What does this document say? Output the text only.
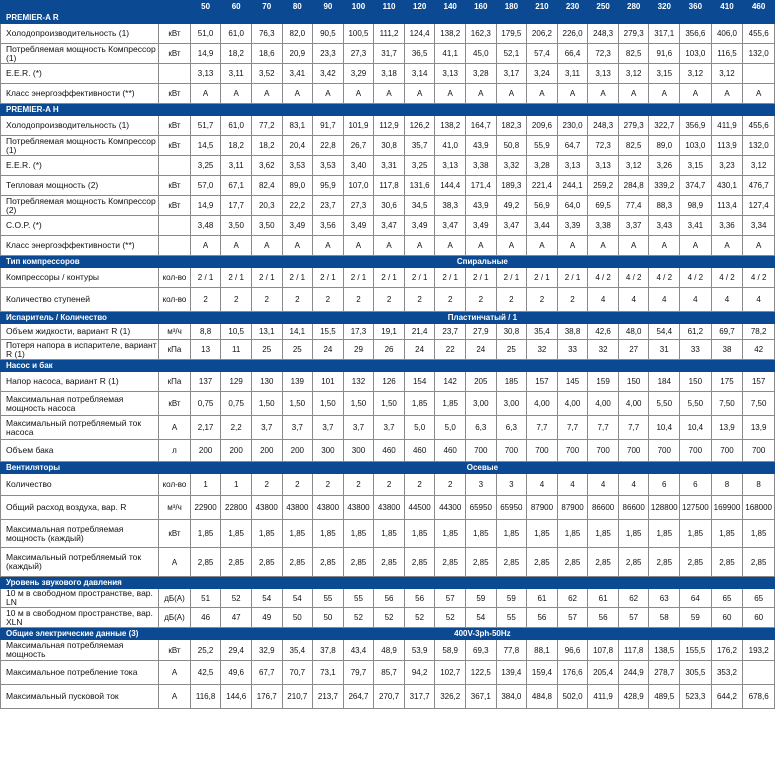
		50	60	70	80	90	100	110	120	140	160	180	210	230	250	280	320	360	410	460
PREMIER-A R																				
Холодопроизводительность (1)	кВт	51,0	61,0	76,3	82,0	90,5	100,5	111,2	124,4	138,2	162,3	179,5	206,2	226,0	248,3	279,3	317,1	356,6	406,0	455,6
Потребляемая мощность Компрессор (1)	кВт	14,9	18,2	18,6	20,9	23,3	27,3	31,7	36,5	41,1	45,0	52,1	57,4	66,4	72,3	82,5	91,6	103,0	116,5	132,0
E.E.R. (*)		3,13	3,11	3,52	3,41	3,42	3,29	3,18	3,14	3,13	3,28	3,17	3,24	3,11	3,13	3,12	3,15	3,12	3,12	
Класс энергоэффективности (**)	кВт	A	A	A	A	A	A	A	A	A	A	A	A	A	A	A	A	A	A	A
PREMIER-A H																				
Холодопроизводительность (1)	кВт	51,7	61,0	77,2	83,1	91,7	101,9	112,9	126,2	138,2	164,7	182,3	209,6	230,0	248,3	279,3	322,7	356,9	411,9	455,6
Потребляемая мощность Компрессор (1)	кВт	14,5	18,2	18,2	20,4	22,8	26,7	30,8	35,7	41,0	43,9	50,8	55,9	64,7	72,3	82,5	89,0	103,0	113,9	132,0
E.E.R. (*)		3,25	3,11	3,62	3,53	3,53	3,40	3,31	3,25	3,13	3,38	3,32	3,28	3,13	3,13	3,12	3,26	3,15	3,23	3,12
Тепловая мощность (2)	кВт	57,0	67,1	82,4	89,0	95,9	107,0	117,8	131,6	144,4	171,4	189,3	221,4	244,1	259,2	284,8	339,2	374,7	430,1	476,7
Потребляемая мощность Компрессор (2)	кВт	14,9	17,7	20,3	22,2	23,7	27,3	30,6	34,5	38,3	43,9	49,2	56,9	64,0	69,5	77,4	88,3	98,9	113,4	127,4
C.O.P. (*)		3,48	3,50	3,50	3,49	3,56	3,49	3,47	3,49	3,47	3,49	3,47	3,44	3,39	3,38	3,37	3,43	3,41	3,36	3,34
Класс энергоэффективности (**)		A	A	A	A	A	A	A	A	A	A	A	A	A	A	A	A	A	A	A
Тип компрессоров		Спиральные																		
Компрессоры / контуры	кол-во	2 / 1	2 / 1	2 / 1	2 / 1	2 / 1	2 / 1	2 / 1	2 / 1	2 / 1	2 / 1	2 / 1	2 / 1	2 / 1	4 / 2	4 / 2	4 / 2	4 / 2	4 / 2	4 / 2
Количество ступеней	кол-во	2	2	2	2	2	2	2	2	2	2	2	2	2	4	4	4	4	4	4
Испаритель / Количество		Пластинчатый / 1																		
Объем жидкости, вариант R (1)	м³/ч	8,8	10,5	13,1	14,1	15,5	17,3	19,1	21,4	23,7	27,9	30,8	35,4	38,8	42,6	48,0	54,4	61,2	69,7	78,2
Потеря напора в испарителе, вариант R (1)	кПа	13	11	25	25	24	29	26	24	22	24	25	32	33	32	27	31	33	38	42
Насос и бак																				
Напор насоса, вариант R (1)	кПа	137	129	130	139	101	132	126	154	142	205	185	157	145	159	150	184	150	175	157
Максимальная потребляемая мощность насоса	кВт	0,75	0,75	1,50	1,50	1,50	1,50	1,50	1,85	1,85	3,00	3,00	4,00	4,00	4,00	4,00	5,50	5,50	7,50	7,50
Максимальный потребляемый ток насоса	A	2,17	2,2	3,7	3,7	3,7	3,7	3,7	5,0	5,0	6,3	6,3	7,7	7,7	7,7	7,7	10,4	10,4	13,9	13,9
Объем бака	л	200	200	200	200	300	300	460	460	460	700	700	700	700	700	700	700	700	700	700
Вентиляторы		Осевые																		
Количество	кол-во	1	1	2	2	2	2	2	2	2	3	3	4	4	4	4	6	6	8	8
Общий расход воздуха, вар. R	м³/ч	22900	22800	43800	43800	43800	43800	43800	44500	44300	65950	65950	87900	87900	86600	86600	128800	127500	169900	168000
Максимальная потребляемая мощность (каждый)	кВт	1,85	1,85	1,85	1,85	1,85	1,85	1,85	1,85	1,85	1,85	1,85	1,85	1,85	1,85	1,85	1,85	1,85	1,85	1,85
Максимальный потребляемый ток (каждый)	A	2,85	2,85	2,85	2,85	2,85	2,85	2,85	2,85	2,85	2,85	2,85	2,85	2,85	2,85	2,85	2,85	2,85	2,85	2,85
Уровень звукового давления																				
10 м в свободном пространстве, вар. LN	дБ(А)	51	52	54	54	55	55	56	56	57	59	59	61	62	61	62	63	64	65	65
10 м в свободном пространстве, вар. XLN	дБ(А)	46	47	49	50	50	52	52	52	52	54	55	56	57	56	57	58	59	60	60
Общие электрические данные (3)		400V-3ph-50Hz																		
Максимальная потребляемая мощность	кВт	25,2	29,4	32,9	35,4	37,8	43,4	48,9	53,9	58,9	69,3	77,8	88,1	96,6	107,8	117,8	138,5	155,5	176,2	193,2
Максимальное потребление тока	A	42,5	49,6	67,7	70,7	73,1	79,7	85,7	94,2	102,7	122,5	139,4	159,4	176,6	205,4	244,9	278,7	305,5	353,2	
Максимальный пусковой ток	A	116,8	144,6	176,7	210,7	213,7	264,7	270,7	317,7	326,2	367,1	384,0	484,8	502,0	411,9	428,9	489,5	523,3	644,2	678,6
